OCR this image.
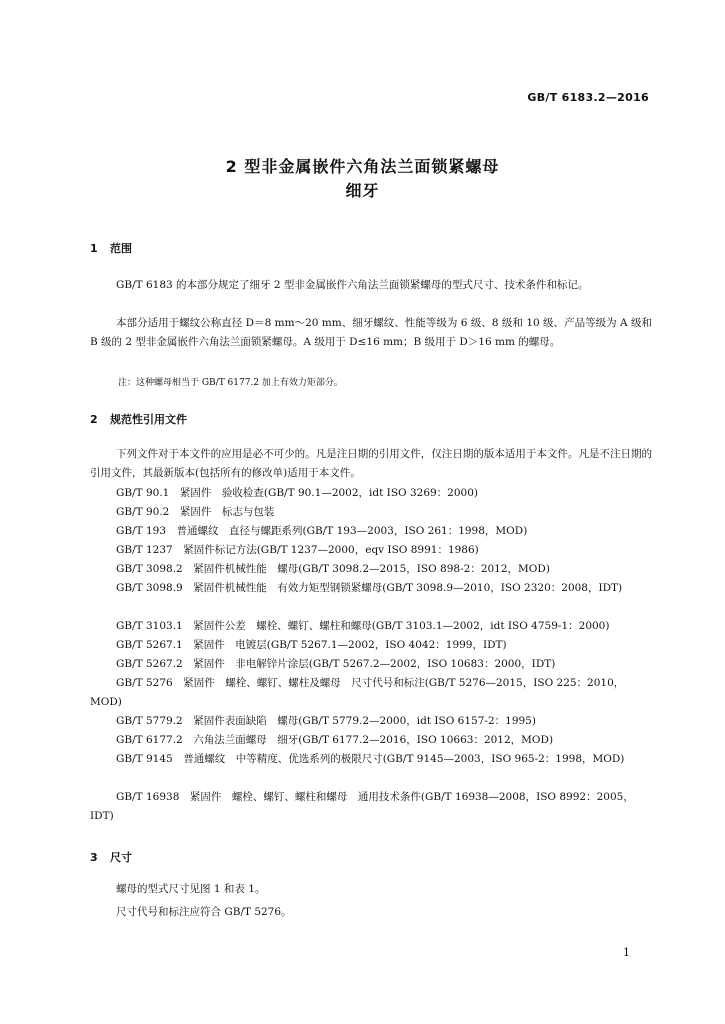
GB/T 6183.2—2016
2 型非金属嵌件六角法兰面锁紧螺母
细牙
1 范围
GB/T 6183 的本部分规定了细牙 2 型非金属嵌件六角法兰面锁紧螺母的型式尺寸、技术条件和标记。
本部分适用于螺纹公称直径 D＝8 mm～20 mm、细牙螺纹、性能等级为 6 级、8 级和 10 级、产品等级为 A 级和 B 级的 2 型非金属嵌件六角法兰面锁紧螺母。A 级用于 D≤16 mm；B 级用于 D＞16 mm 的螺母。
注：这种螺母相当于 GB/T 6177.2 加上有效力矩部分。
2 规范性引用文件
下列文件对于本文件的应用是必不可少的。凡是注日期的引用文件，仅注日期的版本适用于本文件。凡是不注日期的引用文件，其最新版本(包括所有的修改单)适用于本文件。
GB/T 90.1　紧固件　验收检查(GB/T 90.1—2002，idt ISO 3269：2000)
GB/T 90.2　紧固件　标志与包装
GB/T 193　普通螺纹　直径与螺距系列(GB/T 193—2003，ISO 261：1998，MOD)
GB/T 1237　紧固件标记方法(GB/T 1237—2000，eqv ISO 8991：1986)
GB/T 3098.2　紧固件机械性能　螺母(GB/T 3098.2—2015，ISO 898-2：2012，MOD)
GB/T 3098.9　紧固件机械性能　有效力矩型钢锁紧螺母(GB/T 3098.9—2010，ISO 2320：2008，IDT)
GB/T 3103.1　紧固件公差　螺栓、螺钉、螺柱和螺母(GB/T 3103.1—2002，idt ISO 4759-1：2000)
GB/T 5267.1　紧固件　电镀层(GB/T 5267.1—2002，ISO 4042：1999，IDT)
GB/T 5267.2　紧固件　非电解锌片涂层(GB/T 5267.2—2002，ISO 10683：2000，IDT)
GB/T 5276　紧固件　螺栓、螺钉、螺柱及螺母　尺寸代号和标注(GB/T 5276—2015，ISO 225：2010，MOD)
GB/T 5779.2　紧固件表面缺陷　螺母(GB/T 5779.2—2000，idt ISO 6157-2：1995)
GB/T 6177.2　六角法兰面螺母　细牙(GB/T 6177.2—2016，ISO 10663：2012，MOD)
GB/T 9145　普通螺纹　中等精度、优选系列的极限尺寸(GB/T 9145—2003，ISO 965-2：1998，MOD)
GB/T 16938　紧固件　螺栓、螺钉、螺柱和螺母　通用技术条件(GB/T 16938—2008，ISO 8992：2005，IDT)
3 尺寸
螺母的型式尺寸见图 1 和表 1。
尺寸代号和标注应符合 GB/T 5276。
1
